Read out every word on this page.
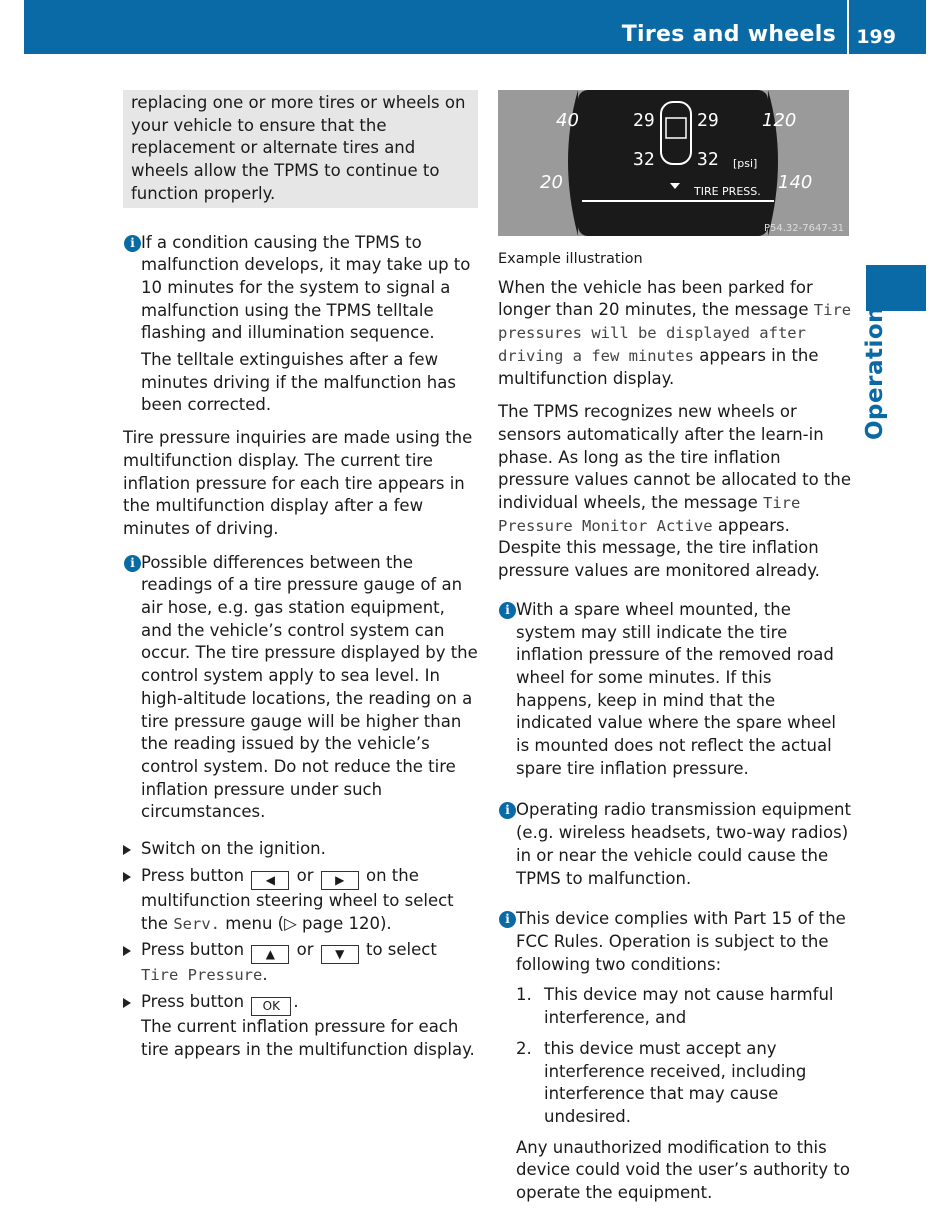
Tires and wheels 199
Operation

replacing one or more tires or wheels on your vehicle to ensure that the replacement or alternate tires and wheels allow the TPMS to continue to function properly.

i If a condition causing the TPMS to malfunction develops, it may take up to 10 minutes for the system to signal a malfunction using the TPMS telltale flashing and illumination sequence.

The telltale extinguishes after a few minutes driving if the malfunction has been corrected.

Tire pressure inquiries are made using the multifunction display. The current tire inflation pressure for each tire appears in the multifunction display after a few minutes of driving.

i Possible differences between the readings of a tire pressure gauge of an air hose, e.g. gas station equipment, and the vehicle’s control system can occur. The tire pressure displayed by the control system apply to sea level. In high-altitude locations, the reading on a tire pressure gauge will be higher than the reading issued by the vehicle’s control system. Do not reduce the tire inflation pressure under such circumstances.

Switch on the ignition.
Press button ◀ or ▶ on the multifunction steering wheel to select the Serv. menu (▷ page 120).
Press button ▲ or ▼ to select Tire Pressure.
Press button OK .

The current inflation pressure for each tire appears in the multifunction display.

40	120
20	140
29 29
32 32 [psi]
TIRE PRESS.
P54.32-7647-31

Example illustration

When the vehicle has been parked for longer than 20 minutes, the message Tire pressures will be displayed after driving a few minutes appears in the multifunction display.

The TPMS recognizes new wheels or sensors automatically after the learn-in phase. As long as the tire inflation pressure values cannot be allocated to the individual wheels, the message Tire Pressure Monitor Active appears. Despite this message, the tire inflation pressure values are monitored already.

i With a spare wheel mounted, the system may still indicate the tire inflation pressure of the removed road wheel for some minutes. If this happens, keep in mind that the indicated value where the spare wheel is mounted does not reflect the actual spare tire inflation pressure.

i Operating radio transmission equipment (e.g. wireless headsets, two-way radios) in or near the vehicle could cause the TPMS to malfunction.

i This device complies with Part 15 of the FCC Rules. Operation is subject to the following two conditions:

1. This device may not cause harmful interference, and
2. this device must accept any interference received, including interference that may cause undesired.

Any unauthorized modification to this device could void the user’s authority to operate the equipment.
